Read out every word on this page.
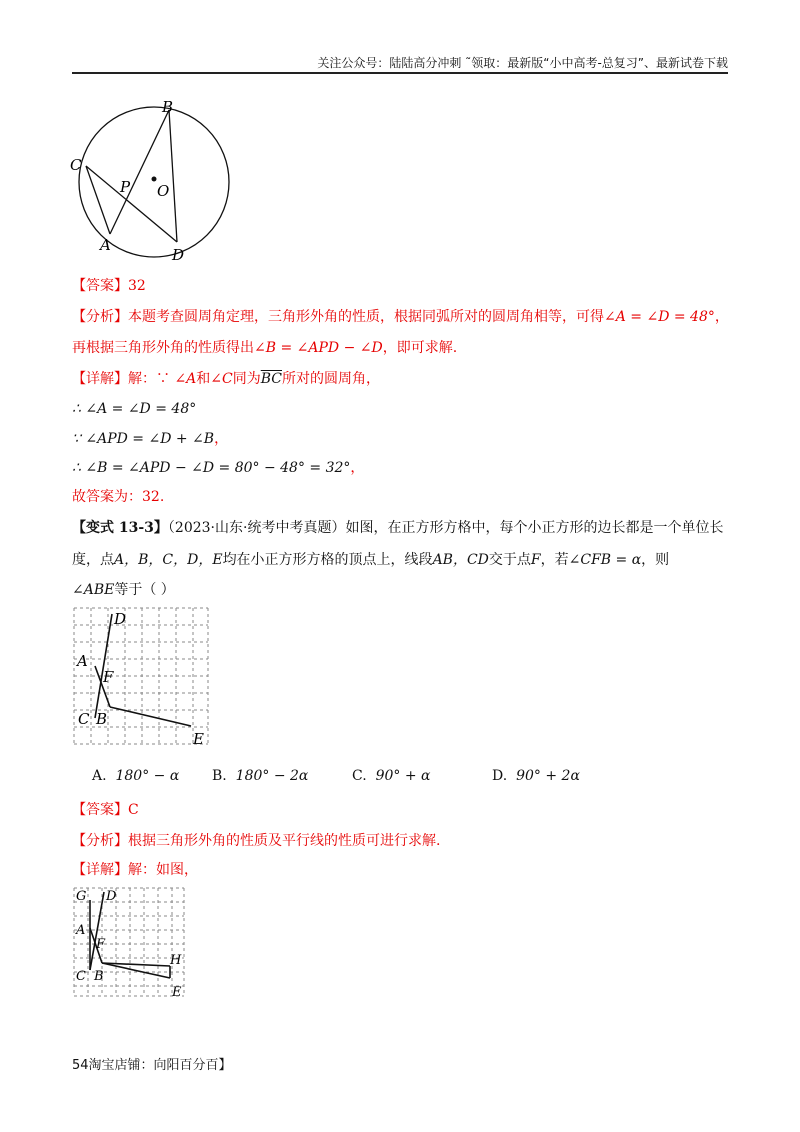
关注公众号：陆陆高分冲刺 ˜领取：最新版“小中高考-总复习”、最新试卷下载
B
C
P O
A
D
【答案】32
【分析】本题考查圆周角定理，三角形外角的性质，根据同弧所对的圆周角相等，可得∠A = ∠D = 48°，
再根据三角形外角的性质得出∠B = ∠APD − ∠D，即可求解.
【详解】解：∵ ∠A和∠C同为$\overline{BC}$所对的圆周角，
∴ ∠A = ∠D = 48°
∵ ∠APD = ∠D + ∠B，
∴ ∠B = ∠APD − ∠D = 80° − 48° = 32°，
故答案为：32.
【变式 13-3】（2023·山东·统考中考真题）如图，在正方形方格中，每个小正方形的边长都是一个单位长
度，点A，B，C，D，E均在小正方形方格的顶点上，线段AB，CD交于点F，若∠CFB = α，则
∠ABE等于（ ）
D
A
F
C B
E
A. 180° − α B. 180° − 2α	C. 90° + α	D. 90° + 2α
【答案】C
【分析】根据三角形外角的性质及平行线的性质可进行求解.
【详解】解：如图，
G D
A
F
H
C B
E
54淘宝店铺：向阳百分百】
